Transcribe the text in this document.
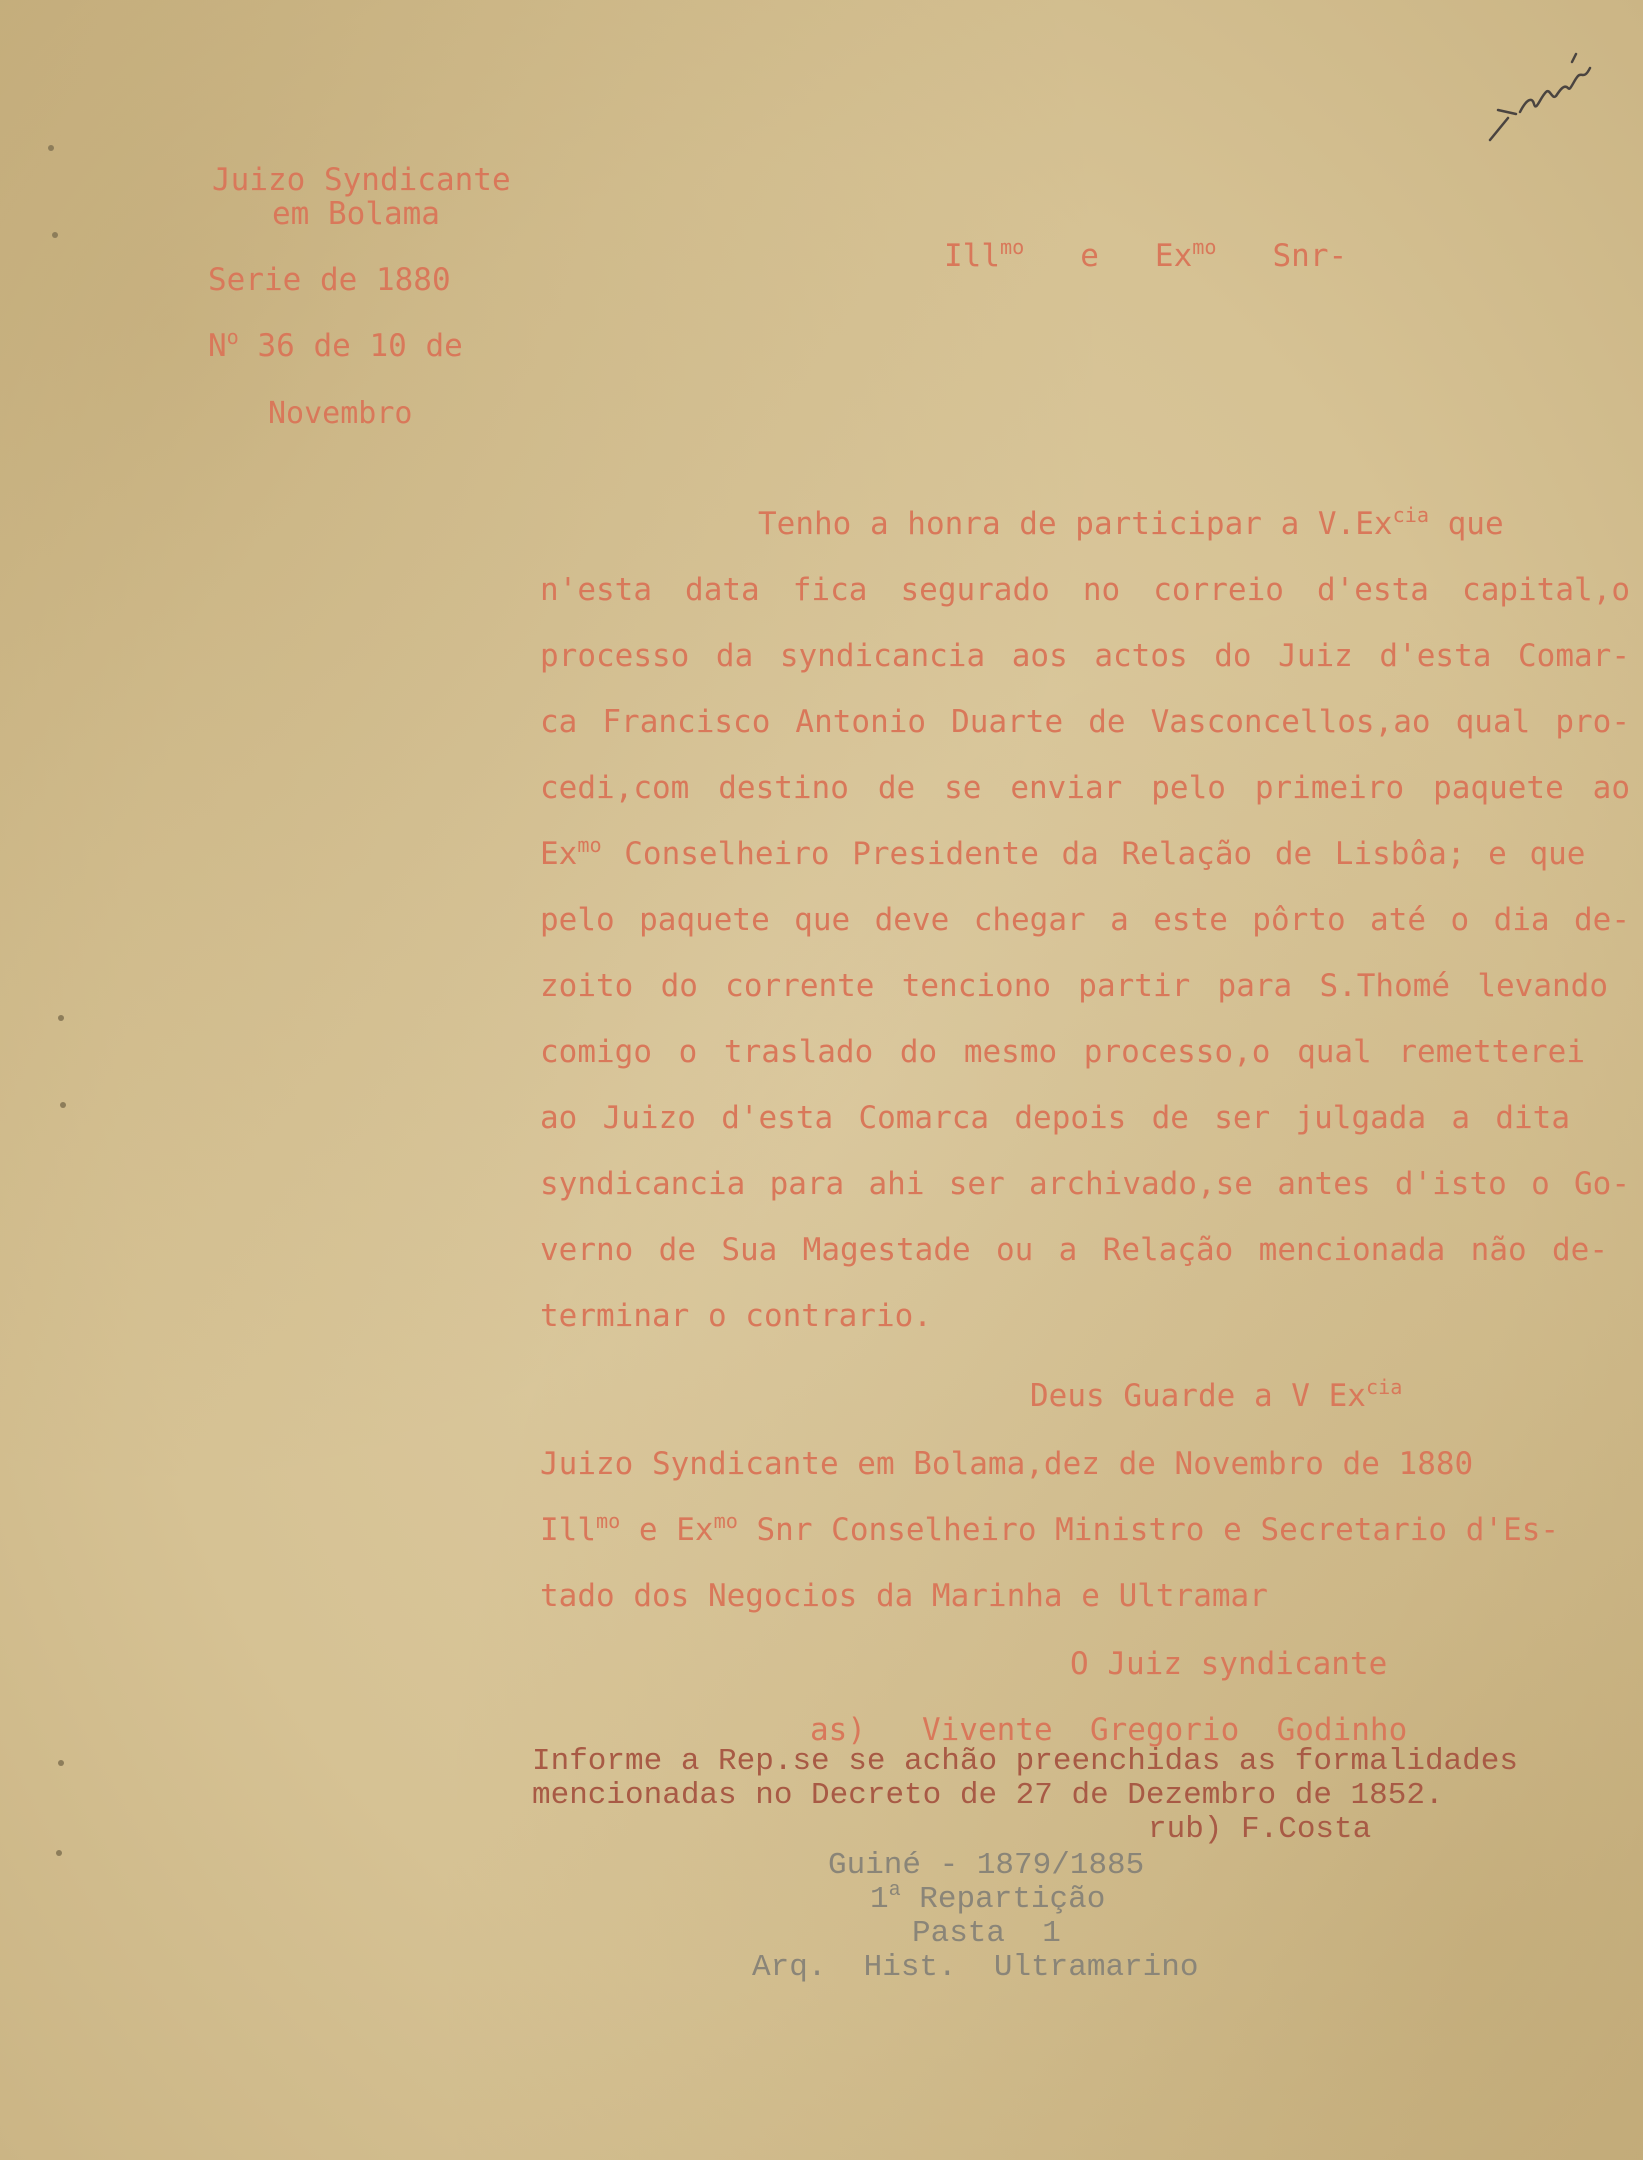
Juizo Syndicante
em Bolama
Serie de 1880
$N^o$ 36 de 10 de
Novembro
Ill$^{mo}$   e   $Ex^{mo}$   Snr-
Tenho a honra de participar a $V.Ex^{cia}$ que
n'esta data fica segurado no correio d'esta capital,o
processo da syndicancia aos actos do Juiz d'esta Comar-
ca Francisco Antonio Duarte de Vasconcellos,ao qual pro-
cedi,com destino de se enviar pelo primeiro paquete ao
$Ex^{mo}$ Conselheiro Presidente da Relação de Lisbôa; e que
pelo paquete que deve chegar a este pôrto até o dia de-
zoito do corrente tenciono partir para S.Thomé levando
comigo o traslado do mesmo processo,o qual remetterei
ao Juizo d'esta Comarca depois de ser julgada a dita
syndicancia para ahi ser archivado,se antes d'isto o Go-
verno de Sua Magestade ou a Relação mencionada não de-
terminar o contrario.
Deus Guarde a V $Ex^{cia}$
Juizo Syndicante em Bolama,dez de Novembro de 1880
Ill$^{mo}$ e $Ex^{mo}$ Snr Conselheiro Ministro e Secretario d'Es-
tado dos Negocios da Marinha e Ultramar
O Juiz syndicante
as)   Vivente  Gregorio  Godinho
Informe a Rep.se se achão preenchidas as formalidades
mencionadas no Decreto de 27 de Dezembro de 1852.
rub) F.Costa
Guiné - 1879/1885
1$^a$ Repartição
Pasta  1
Arq.  Hist.  Ultramarino
